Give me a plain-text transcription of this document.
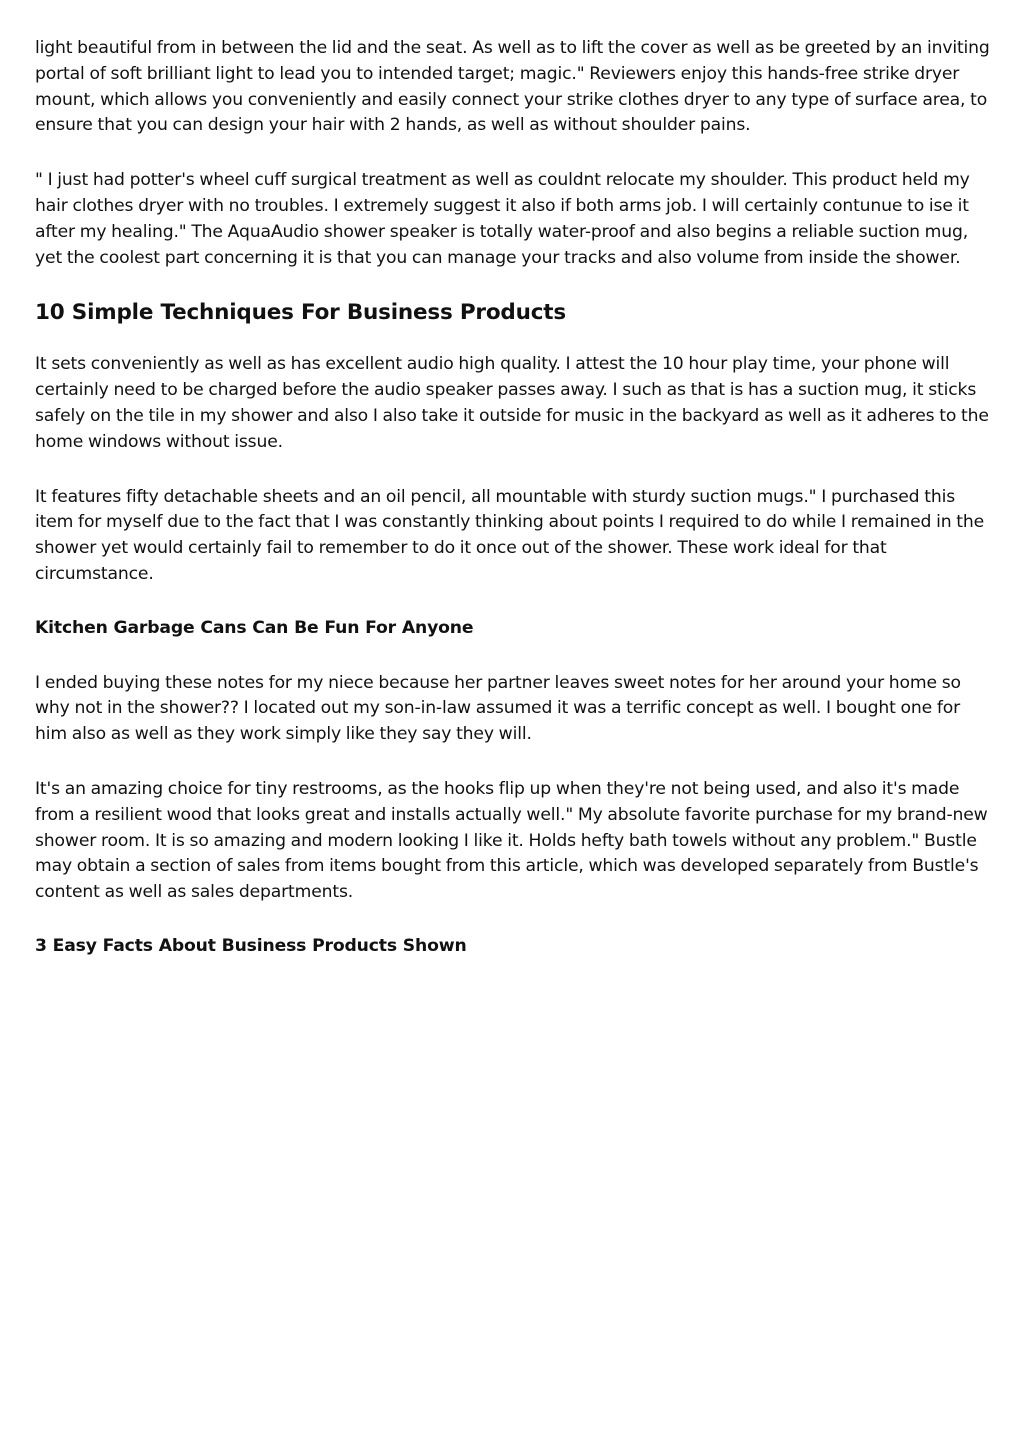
light beautiful from in between the lid and the seat. As well as to lift the cover as well as be greeted by an inviting portal of soft brilliant light to lead you to intended target; magic." Reviewers enjoy this hands-free strike dryer mount, which allows you conveniently and easily connect your strike clothes dryer to any type of surface area, to ensure that you can design your hair with 2 hands, as well as without shoulder pains.

" I just had potter's wheel cuff surgical treatment as well as couldnt relocate my shoulder. This product held my hair clothes dryer with no troubles. I extremely suggest it also if both arms job. I will certainly contunue to ise it after my healing." The AquaAudio shower speaker is totally water-proof and also begins a reliable suction mug, yet the coolest part concerning it is that you can manage your tracks and also volume from inside the shower.

10 Simple Techniques For Business Products

It sets conveniently as well as has excellent audio high quality. I attest the 10 hour play time, your phone will certainly need to be charged before the audio speaker passes away. I such as that is has a suction mug, it sticks safely on the tile in my shower and also I also take it outside for music in the backyard as well as it adheres to the home windows without issue.

It features fifty detachable sheets and an oil pencil, all mountable with sturdy suction mugs." I purchased this item for myself due to the fact that I was constantly thinking about points I required to do while I remained in the shower yet would certainly fail to remember to do it once out of the shower. These work ideal for that circumstance.

Kitchen Garbage Cans Can Be Fun For Anyone

I ended buying these notes for my niece because her partner leaves sweet notes for her around your home so why not in the shower?? I located out my son-in-law assumed it was a terrific concept as well. I bought one for him also as well as they work simply like they say they will.

It's an amazing choice for tiny restrooms, as the hooks flip up when they're not being used, and also it's made from a resilient wood that looks great and installs actually well." My absolute favorite purchase for my brand-new shower room. It is so amazing and modern looking I like it. Holds hefty bath towels without any problem." Bustle may obtain a section of sales from items bought from this article, which was developed separately from Bustle's content as well as sales departments.

3 Easy Facts About Business Products Shown
